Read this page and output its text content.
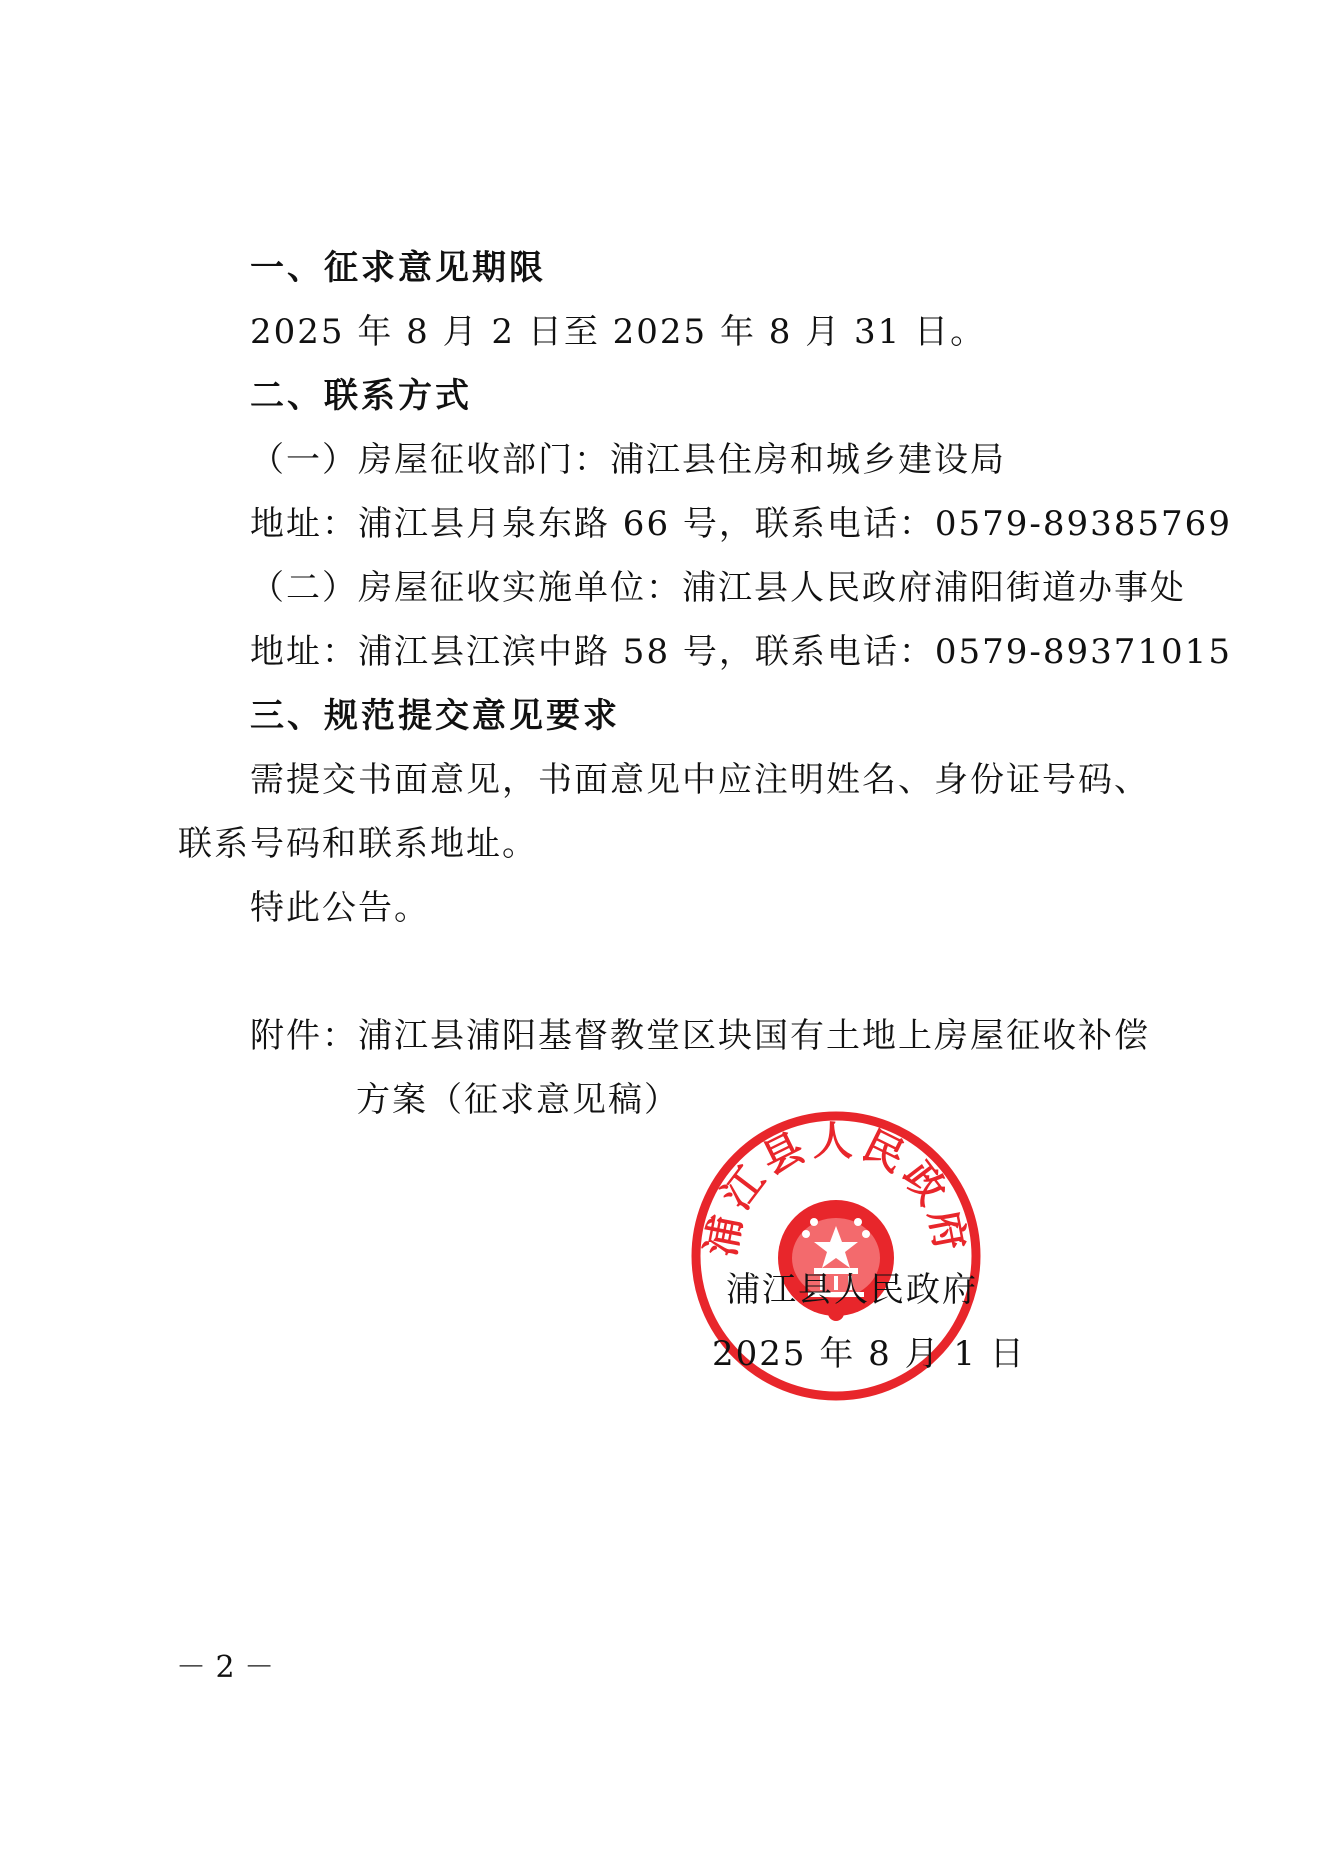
一、征求意见期限
2025 年 8 月 2 日至 2025 年 8 月 31 日。
二、联系方式
（一）房屋征收部门：浦江县住房和城乡建设局
地址：浦江县月泉东路 66 号，联系电话：0579-89385769
（二）房屋征收实施单位：浦江县人民政府浦阳街道办事处
地址：浦江县江滨中路 58 号，联系电话：0579-89371015
三、规范提交意见要求
需提交书面意见，书面意见中应注明姓名、身份证号码、
联系号码和联系地址。
特此公告。
附件：浦江县浦阳基督教堂区块国有土地上房屋征收补偿
方案（征求意见稿）
浦江县人民政府
浦江县人民政府
2025 年 8 月 1 日
－ 2 －
